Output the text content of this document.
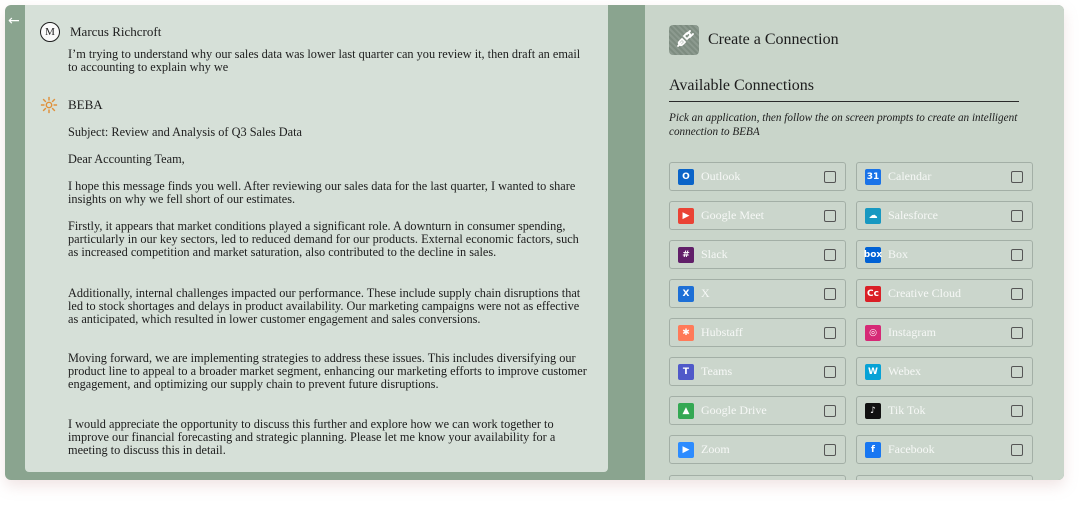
←
M	Marcus Richcroft

I’m trying to understand why our sales data was lower last quarter can you review it, then draft an email to accounting to explain why we

BEBA

Subject: Review and Analysis of Q3 Sales Data

Dear Accounting Team,

I hope this message finds you well. After reviewing our sales data for the last quarter, I wanted to share insights on why we fell short of our estimates.

Firstly, it appears that market conditions played a significant role. A downturn in consumer spending, particularly in our key sectors, led to reduced demand for our products. External economic factors, such as increased competition and market saturation, also contributed to the decline in sales.

Additionally, internal challenges impacted our performance. These include supply chain disruptions that led to stock shortages and delays in product availability. Our marketing campaigns were not as effective as anticipated, which resulted in lower customer engagement and sales conversions.

Moving forward, we are implementing strategies to address these issues. This includes diversifying our product line to appeal to a broader market segment, enhancing our marketing efforts to improve customer engagement, and optimizing our supply chain to prevent future disruptions.

I would appreciate the opportunity to discuss this further and explore how we can work together to improve our financial forecasting and strategic planning. Please let me know your availability for a meeting to discuss this in detail.

Create a Connection
Available Connections

Pick an application, then follow the on screen prompts to create an intelligent connection to BEBA

O Outlook	31 Calendar
▶ Google Meet	☁ Salesforce
# Slack	box Box
X X	Cc Creative Cloud
✱ Hubstaff	◎ Instagram
T Teams	W Webex
▲ Google Drive	♪	Tik Tok
▶ Zoom	f	Facebook
